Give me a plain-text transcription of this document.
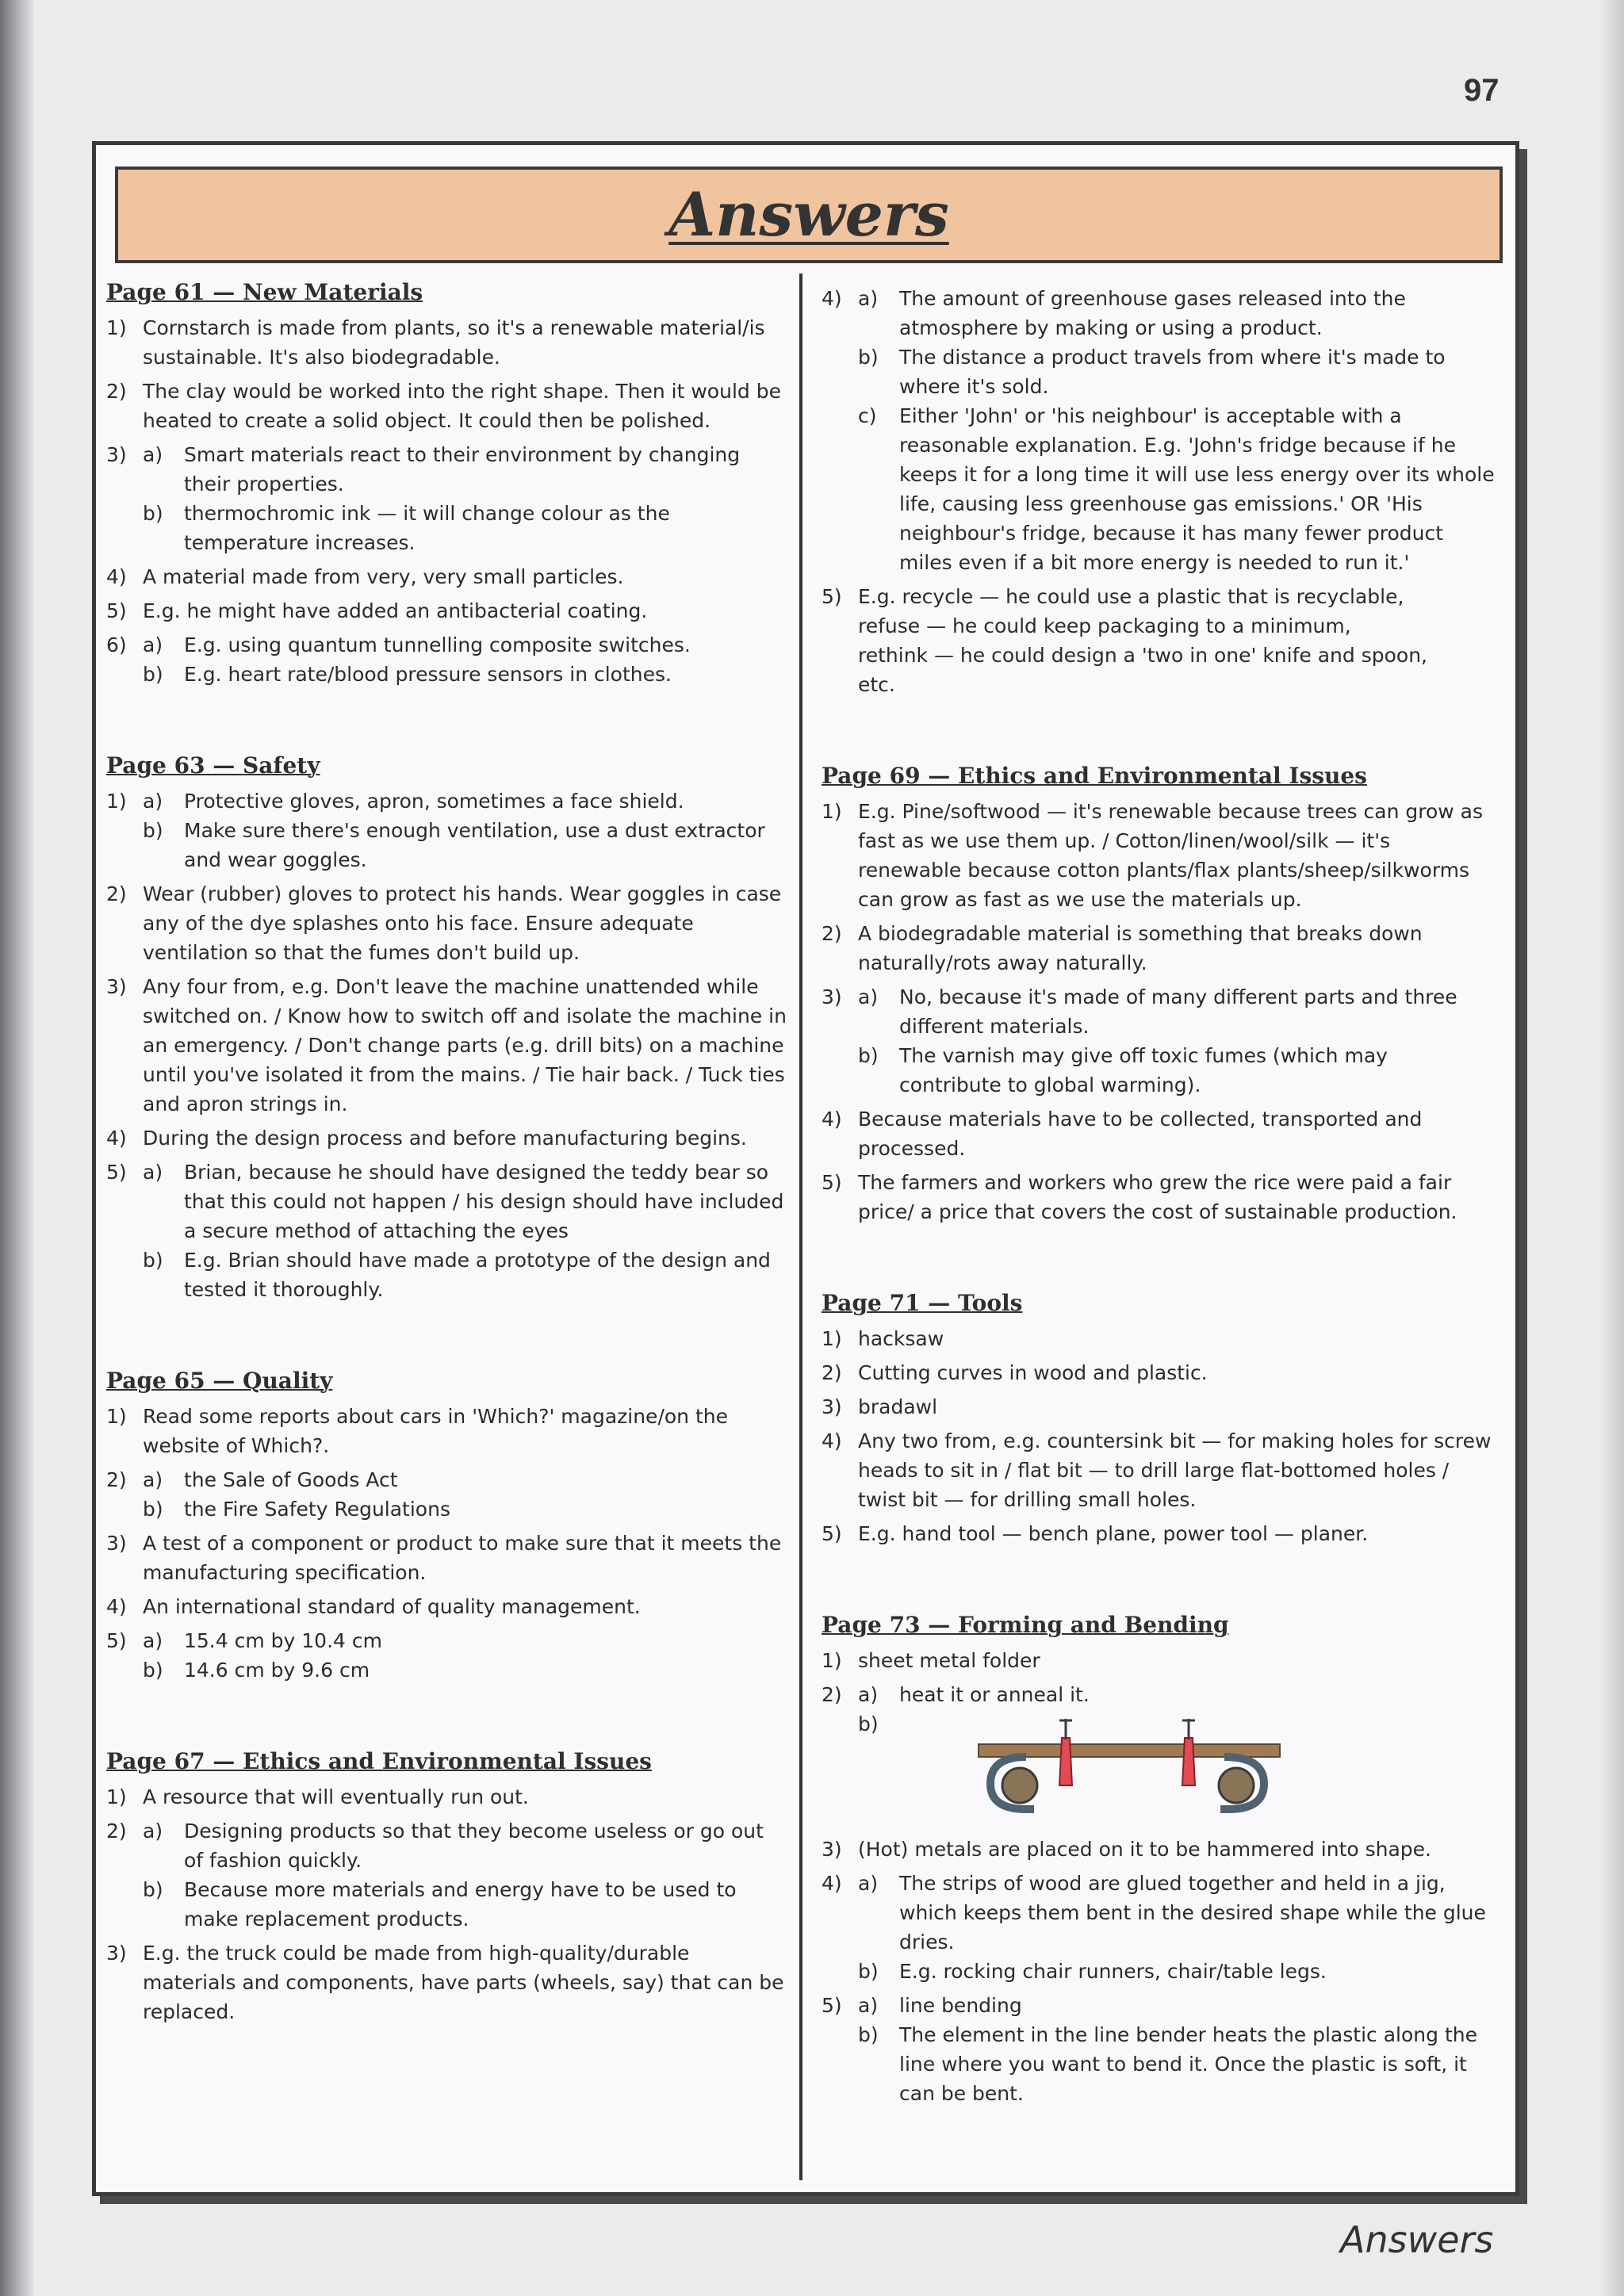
97
Answers
Page 61 — New Materials
1) Cornstarch is made from plants, so it's a renewable material/is sustainable. It's also biodegradable.
2) The clay would be worked into the right shape. Then it would be heated to create a solid object. It could then be polished.
3) a) Smart materials react to their environment by changing their properties.
b) thermochromic ink — it will change colour as the temperature increases.
4) A material made from very, very small particles.
5) E.g. he might have added an antibacterial coating.
6) a) E.g. using quantum tunnelling composite switches.
b) E.g. heart rate/blood pressure sensors in clothes.
Page 63 — Safety
1) a) Protective gloves, apron, sometimes a face shield.
b) Make sure there's enough ventilation, use a dust extractor and wear goggles.
2) Wear (rubber) gloves to protect his hands. Wear goggles in case any of the dye splashes onto his face. Ensure adequate ventilation so that the fumes don't build up.
3) Any four from, e.g. Don't leave the machine unattended while switched on. / Know how to switch off and isolate the machine in an emergency. / Don't change parts (e.g. drill bits) on a machine until you've isolated it from the mains. / Tie hair back. / Tuck ties and apron strings in.
4) During the design process and before manufacturing begins.
5) a) Brian, because he should have designed the teddy bear so that this could not happen / his design should have included a secure method of attaching the eyes
b) E.g. Brian should have made a prototype of the design and tested it thoroughly.
Page 65 — Quality
1) Read some reports about cars in 'Which?' magazine/on the website of Which?.
2) a) the Sale of Goods Act
b) the Fire Safety Regulations
3) A test of a component or product to make sure that it meets the manufacturing specification.
4) An international standard of quality management.
5) a) 15.4 cm by 10.4 cm
b) 14.6 cm by 9.6 cm
Page 67 — Ethics and Environmental Issues
1) A resource that will eventually run out.
2) a) Designing products so that they become useless or go out of fashion quickly.
b) Because more materials and energy have to be used to make replacement products.
3) E.g. the truck could be made from high-quality/durable materials and components, have parts (wheels, say) that can be replaced.
4) a) The amount of greenhouse gases released into the atmosphere by making or using a product.
b) The distance a product travels from where it's made to where it's sold.
c) Either 'John' or 'his neighbour' is acceptable with a reasonable explanation. E.g. 'John's fridge because if he keeps it for a long time it will use less energy over its whole life, causing less greenhouse gas emissions.' OR 'His neighbour's fridge, because it has many fewer product miles even if a bit more energy is needed to run it.'
5) E.g. recycle — he could use a plastic that is recyclable,
refuse — he could keep packaging to a minimum,
rethink — he could design a 'two in one' knife and spoon,
etc.
Page 69 — Ethics and Environmental Issues
1) E.g. Pine/softwood — it's renewable because trees can grow as fast as we use them up. / Cotton/linen/wool/silk — it's renewable because cotton plants/flax plants/sheep/silkworms can grow as fast as we use the materials up.
2) A biodegradable material is something that breaks down naturally/rots away naturally.
3) a) No, because it's made of many different parts and three different materials.
b) The varnish may give off toxic fumes (which may contribute to global warming).
4) Because materials have to be collected, transported and processed.
5) The farmers and workers who grew the rice were paid a fair price/ a price that covers the cost of sustainable production.
Page 71 — Tools
1) hacksaw
2) Cutting curves in wood and plastic.
3) bradawl
4) Any two from, e.g. countersink bit — for making holes for screw heads to sit in / flat bit — to drill large flat-bottomed holes / twist bit — for drilling small holes.
5) E.g. hand tool — bench plane, power tool — planer.
Page 73 — Forming and Bending
1) sheet metal folder
2) a) heat it or anneal it.
b)
3) (Hot) metals are placed on it to be hammered into shape.
4) a) The strips of wood are glued together and held in a jig, which keeps them bent in the desired shape while the glue dries.
b) E.g. rocking chair runners, chair/table legs.
5) a) line bending
b) The element in the line bender heats the plastic along the line where you want to bend it. Once the plastic is soft, it can be bent.
Answers
